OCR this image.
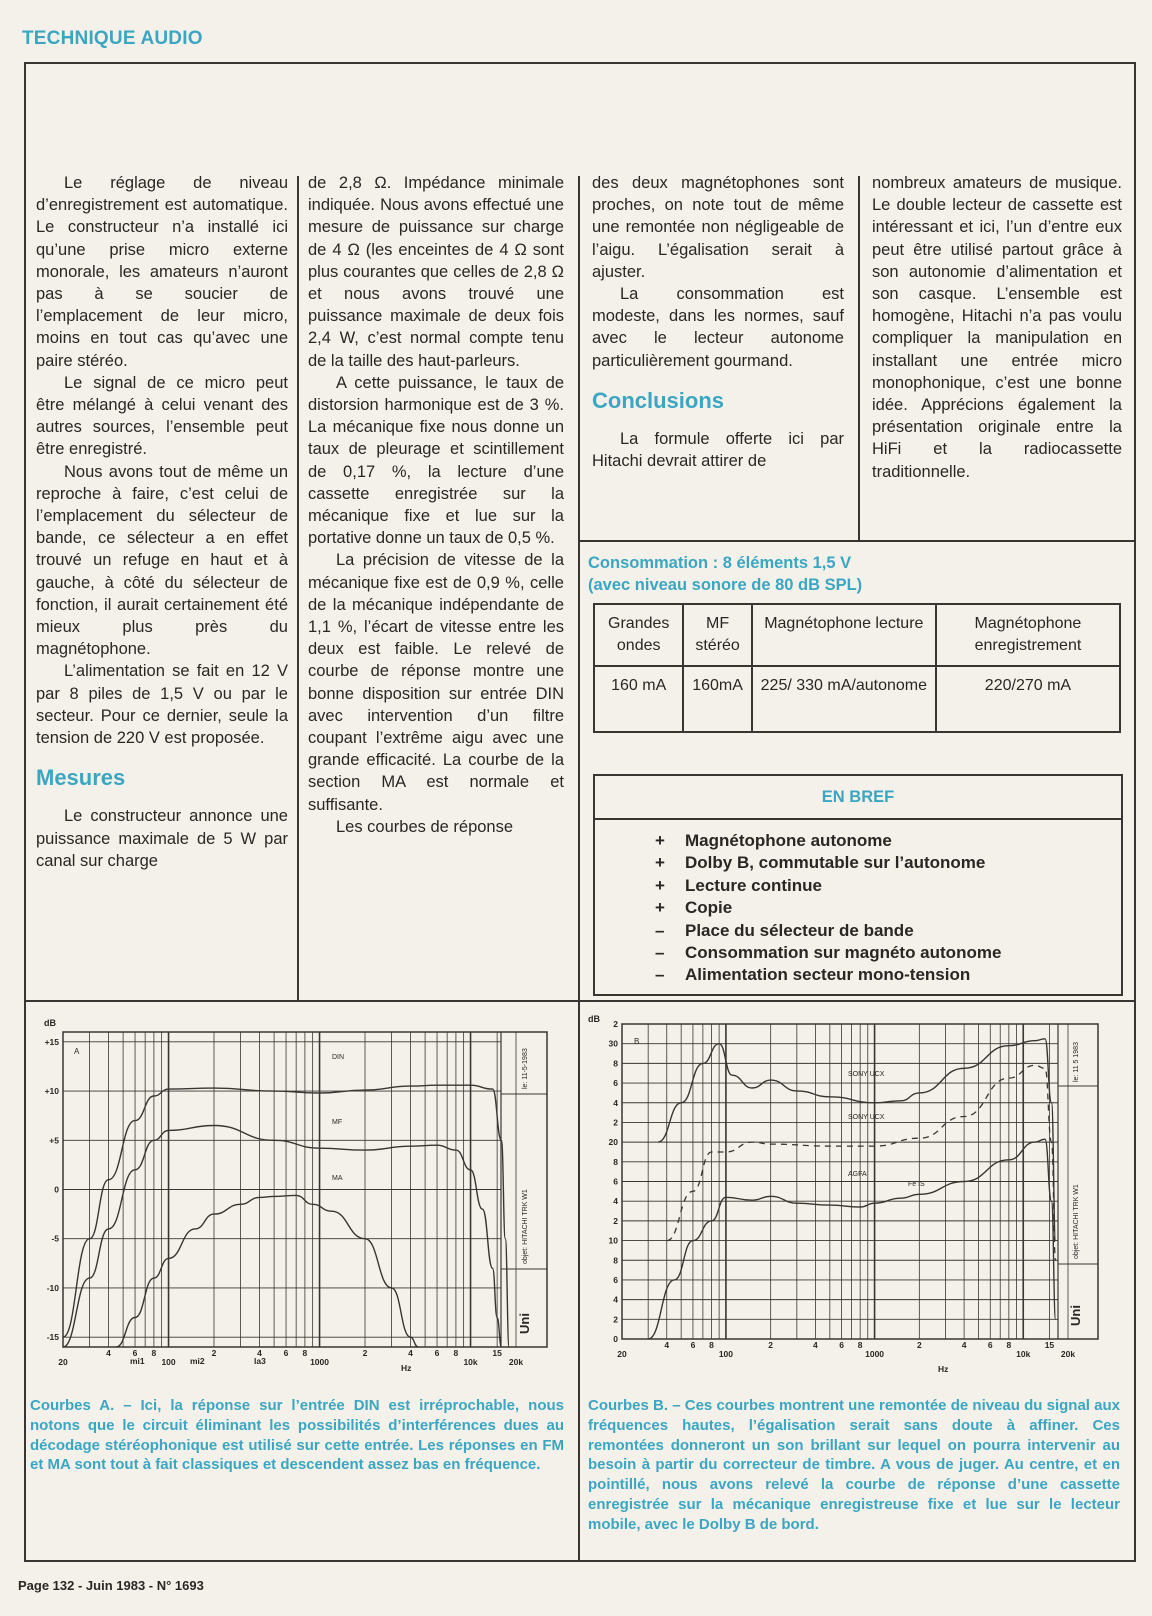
TECHNIQUE AUDIO

Le réglage de niveau d’enregistrement est automatique. Le constructeur n’a installé ici qu’une prise micro externe monorale, les amateurs n’auront pas à se soucier de l’emplacement de leur micro, moins en tout cas qu’avec une paire stéréo.

Le signal de ce micro peut être mélangé à celui venant des autres sources, l’ensemble peut être enregistré.

Nous avons tout de même un reproche à faire, c’est celui de l’emplacement du sélecteur de bande, ce sélecteur a en effet trouvé un refuge en haut et à gauche, à côté du sélecteur de fonction, il aurait certainement été mieux plus près du magnétophone.

L’alimentation se fait en 12 V par 8 piles de 1,5 V ou par le secteur. Pour ce dernier, seule la tension de 220 V est proposée.

Mesures

Le constructeur annonce une puissance maximale de 5 W par canal sur charge

de 2,8 Ω. Impédance minimale indiquée. Nous avons effectué une mesure de puissance sur charge de 4 Ω (les enceintes de 4 Ω sont plus courantes que celles de 2,8 Ω et nous avons trouvé une puissance maximale de deux fois 2,4 W, c’est normal compte tenu de la taille des haut-parleurs.

A cette puissance, le taux de distorsion harmonique est de 3 %. La mécanique fixe nous donne un taux de pleurage et scintillement de 0,17 %, la lecture d’une cassette enregistrée sur la mécanique fixe et lue sur la portative donne un taux de 0,5 %.

La précision de vitesse de la mécanique fixe est de 0,9 %, celle de la mécanique indépendante de 1,1 %, l’écart de vitesse entre les deux est faible. Le relevé de courbe de réponse montre une bonne disposition sur entrée DIN avec intervention d’un filtre coupant l’extrême aigu avec une grande efficacité. La courbe de la section MA est normale et suffisante.

Les courbes de réponse

des deux magnétophones sont proches, on note tout de même une remontée non négligeable de l’aigu. L’égalisation serait à ajuster.

La consommation est modeste, dans les normes, sauf avec le lecteur autonome particulièrement gourmand.

Conclusions

La formule offerte ici par Hitachi devrait attirer de

nombreux amateurs de musique. Le double lecteur de cassette est intéressant et ici, l’un d’entre eux peut être utilisé partout grâce à son autonomie d’alimentation et son casque. L’ensemble est homogène, Hitachi n’a pas voulu compliquer la manipulation en installant une entrée micro monophonique, c’est une bonne idée. Apprécions également la présentation originale entre la HiFi et la radiocassette traditionnelle.

Consommation : 8 éléments 1,5 V
(avec niveau sonore de 80 dB SPL)
Grandes ondes	MF stéréo	Magnétophone lecture	Magnétophone enregistrement
160 mA	160mA	225/ 330 mA/autonome	220/270 mA
EN BREF
+ Magnétophone autonome
+ Dolby B, commutable sur l’autonome
+ Lecture continue
+ Copie
– Place du sélecteur de bande
– Consommation sur magnéto autonome
– Alimentation secteur mono-tension
dB
A
+15
+10
+5
0
-5
-10
-15
20
4	6 8
100
2	4	6 8
1000
2	4	6 8
10k
15
20k
DIN
MF
MA
mi1	mi2	la3
Hz
le: 11-5-1983
objet: HITACHI TRK W1
Uni
dB
B
2
30
8
6
4
2
20
8
6
4
2
10
8
6
4
2
0
20
4	6 8
100
2	4	6 8
1000
2	4	6 8
10k
15
20k
SONY UCX
SONY UCX
AGFA
Fe IS
Hz
le: 11 5 1983
objet: HITACHI TRK W1
Uni
Courbes A. – Ici, la réponse sur l’entrée DIN est irréprochable, nous notons que le circuit éliminant les possibilités d’interférences dues au décodage stéréophonique est utilisé sur cette entrée. Les réponses en FM et MA sont tout à fait classiques et descendent assez bas en fréquence.
Courbes B. – Ces courbes montrent une remontée de niveau du signal aux fréquences hautes, l’égalisation serait sans doute à affiner. Ces remontées donneront un son brillant sur lequel on pourra intervenir au besoin à partir du correcteur de timbre. A vous de juger. Au centre, et en pointillé, nous avons relevé la courbe de réponse d’une cassette enregistrée sur la mécanique enregistreuse fixe et lue sur le lecteur mobile, avec le Dolby B de bord.
Page 132 - Juin 1983 - N° 1693
